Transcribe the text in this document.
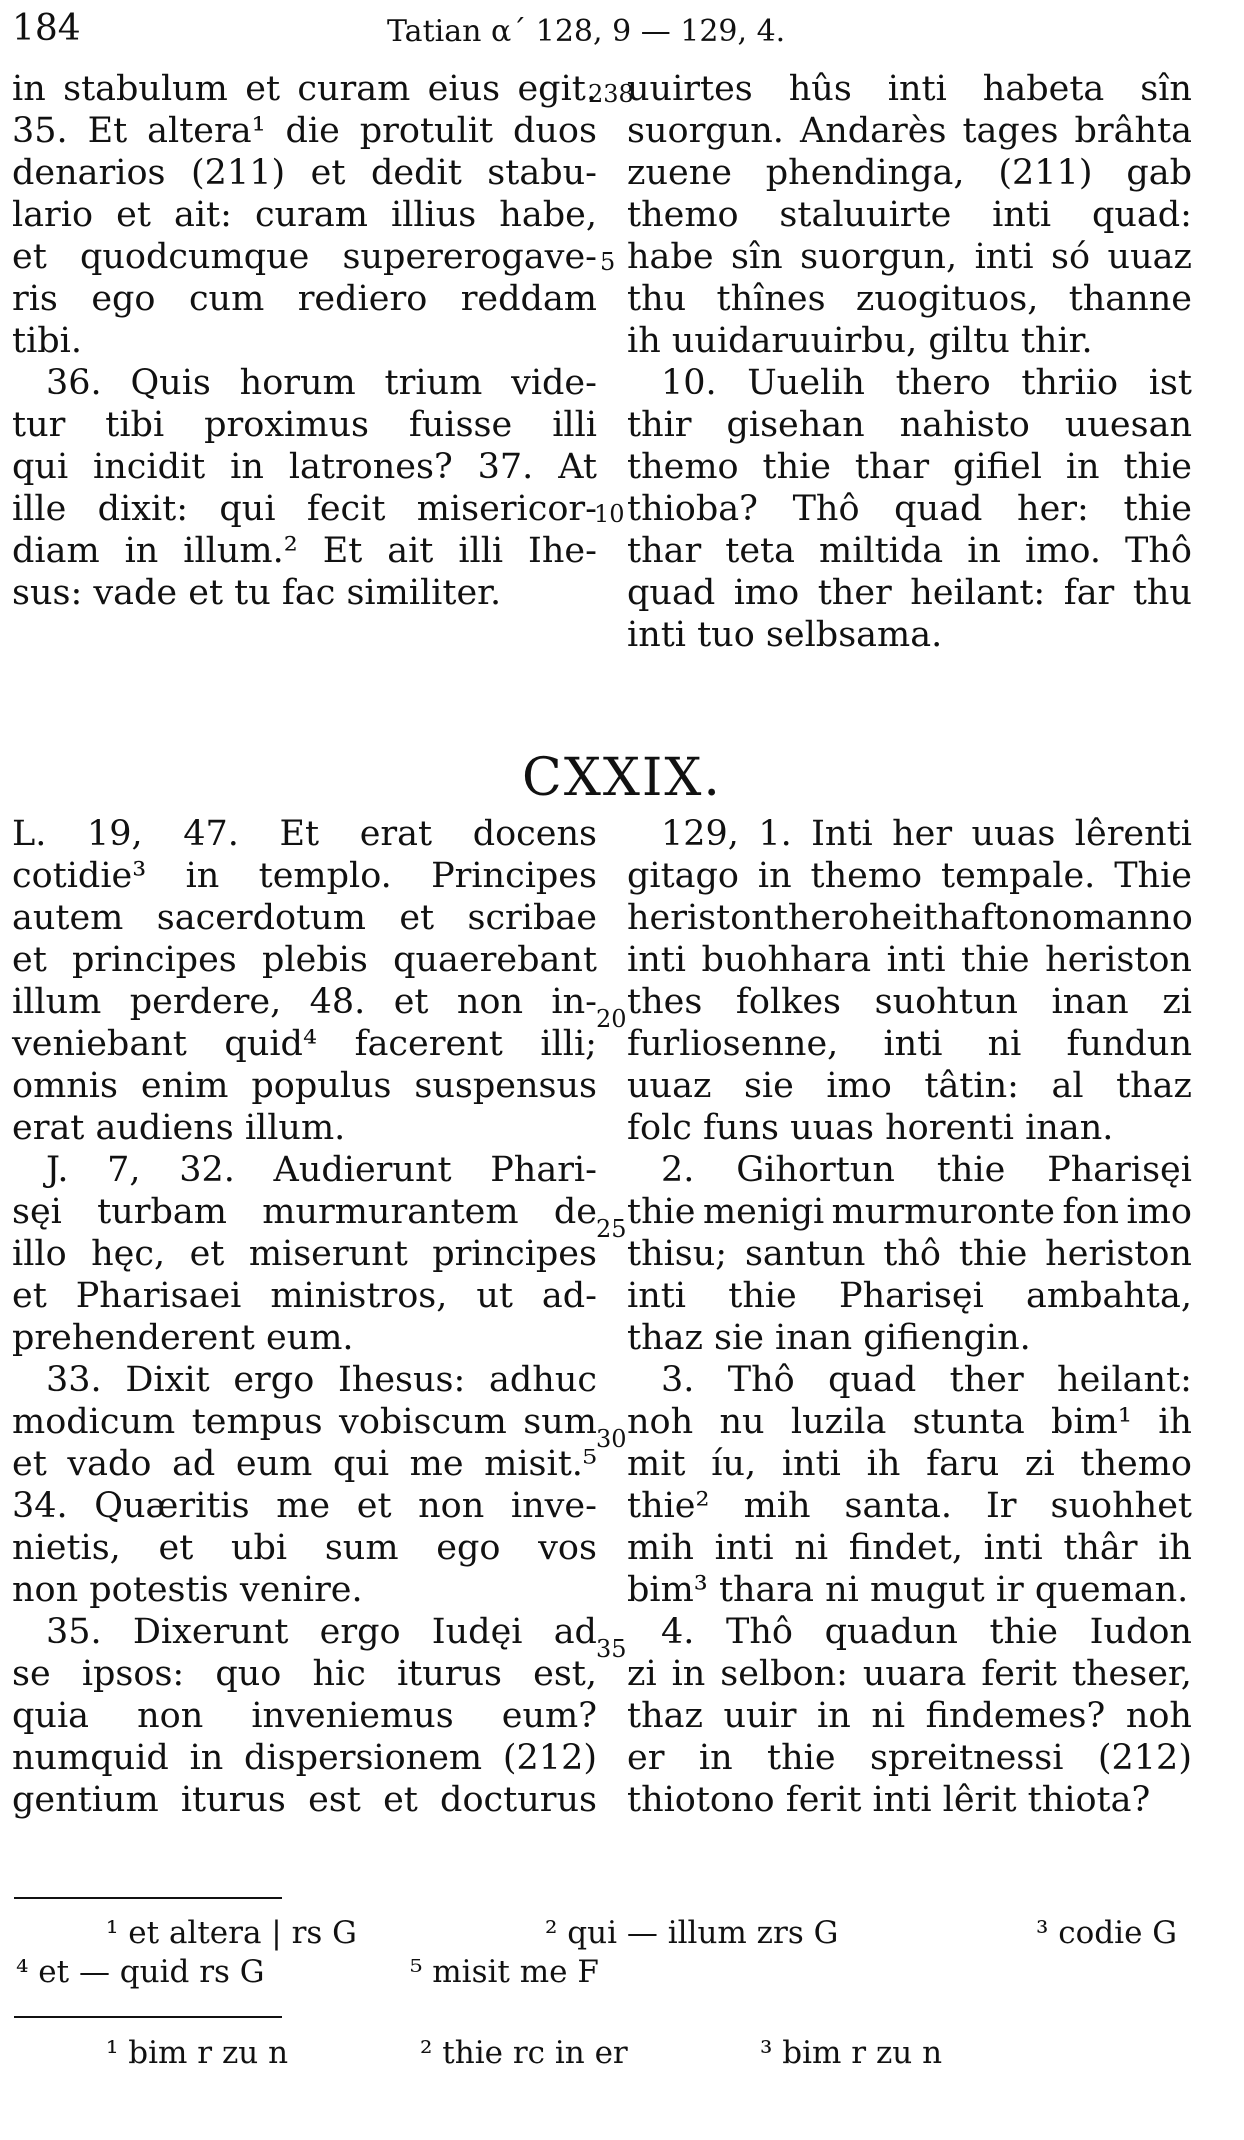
184	Tatian α΄ 128, 9 — 129, 4.
in stabulum et curam eius egit.
35. Et altera¹ die protulit duos
denarios (211) et dedit stabu-
lario et ait: curam illius habe,
et quodcumque supererogave-
ris ego cum rediero reddam
tibi.
36. Quis horum trium vide-
tur tibi proximus fuisse illi
qui incidit in latrones? 37. At
ille dixit: qui fecit misericor-
diam in illum.² Et ait illi Ihe-
sus: vade et tu fac similiter.
238
5
10
uuirtes hûs inti habeta sîn
suorgun. Andarès tages brâhta
zuene phendinga, (211) gab
themo staluuirte inti quad:
habe sîn suorgun, inti só uuaz
thu thînes zuogituos, thanne
ih uuidaruuirbu, giltu thir.
10. Uuelih thero thriio ist
thir gisehan nahisto uuesan
themo thie thar gifiel in thie
thioba? Thô quad her: thie
thar teta miltida in imo. Thô
quad imo ther heilant: far thu
inti tuo selbsama.
CXXIX.
L. 19, 47. Et erat docens
cotidie³ in templo. Principes
autem sacerdotum et scribae
et principes plebis quaerebant
illum perdere, 48. et non in-
veniebant quid⁴ facerent illi;
omnis enim populus suspensus
erat audiens illum.
J. 7, 32. Audierunt Phari-
sęi turbam murmurantem de
illo hęc, et miserunt principes
et Pharisaei ministros, ut ad-
prehenderent eum.
33. Dixit ergo Ihesus: adhuc
modicum tempus vobiscum sum
et vado ad eum qui me misit.⁵
34. Quæritis me et non inve-
nietis, et ubi sum ego vos
non potestis venire.
35. Dixerunt ergo Iudęi ad
se ipsos: quo hic iturus est,
quia non inveniemus eum?
numquid in dispersionem (212)
gentium iturus est et docturus
20
25
30
35
129, 1. Inti her uuas lêrenti
gitago in themo tempale. Thie
heriston thero heithaftono manno
inti buohhara inti thie heriston
thes folkes suohtun inan zi
furliosenne, inti ni fundun
uuaz sie imo tâtin: al thaz
folc funs uuas horenti inan.
2. Gihortun thie Pharisęi
thie menigi murmuronte fon imo
thisu; santun thô thie heriston
inti thie Pharisęi ambahta,
thaz sie inan gifiengin.
3. Thô quad ther heilant:
noh nu luzila stunta bim¹ ih
mit íu, inti ih faru zi themo
thie² mih santa. Ir suohhet
mih inti ni findet, inti thâr ih
bim³ thara ni mugut ir queman.
4. Thô quadun thie Iudon
zi in selbon: uuara ferit theser,
thaz uuir in ni findemes? noh
er in thie spreitnessi (212)
thiotono ferit inti lêrit thiota?
¹ et altera | rs G	² qui — illum zrs G	³ codie G
⁴ et — quid rs G	⁵ misit me F
¹ bim r zu n	² thie rc in er	³ bim r zu n
